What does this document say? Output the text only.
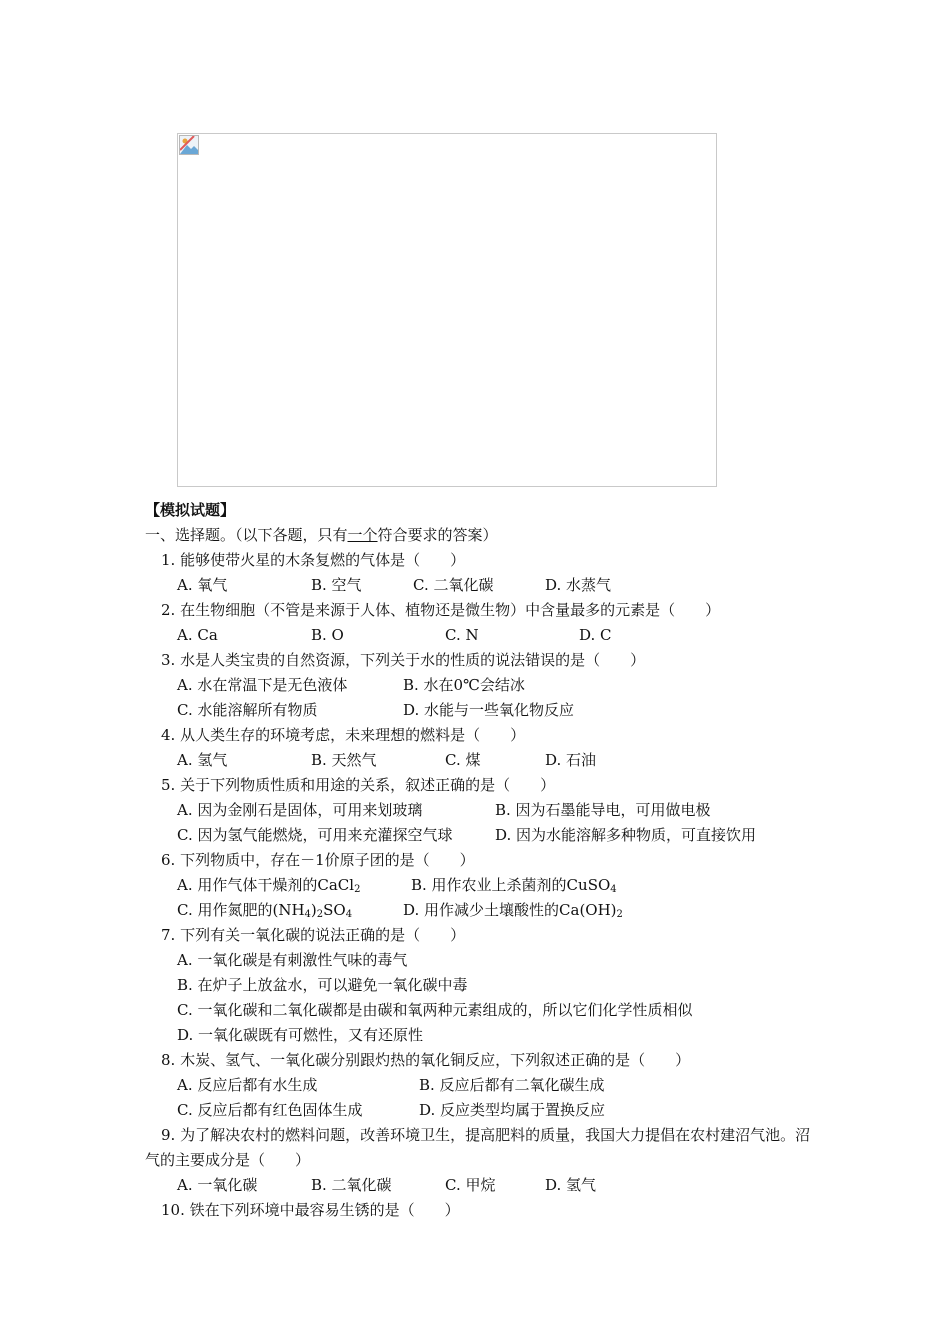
【模拟试题】
一、选择题。（以下各题，只有一个符合要求的答案）
1. 能够使带火星的木条复燃的气体是（　　）
A. 氧气	B. 空气	C. 二氧化碳	D. 水蒸气
2. 在生物细胞（不管是来源于人体、植物还是微生物）中含量最多的元素是（　　）
A. Ca	B. O	C. N	D. C
3. 水是人类宝贵的自然资源，下列关于水的性质的说法错误的是（　　）
A. 水在常温下是无色液体	B. 水在0℃会结冰
C. 水能溶解所有物质	D. 水能与一些氧化物反应
4. 从人类生存的环境考虑，未来理想的燃料是（　　）
A. 氢气	B. 天然气	C. 煤	D. 石油
5. 关于下列物质性质和用途的关系，叙述正确的是（　　）
A. 因为金刚石是固体，可用来划玻璃	B. 因为石墨能导电，可用做电极
C. 因为氢气能燃烧，可用来充灌探空气球	D. 因为水能溶解多种物质，可直接饮用
6. 下列物质中，存在－1价原子团的是（　　）
A. 用作气体干燥剂的CaCl$_2$	B. 用作农业上杀菌剂的CuSO$_4$
C. 用作氮肥的$(NH_4)_2SO_4$	D. 用作减少土壤酸性的$Ca(OH)_2$
7. 下列有关一氧化碳的说法正确的是（　　）
A. 一氧化碳是有刺激性气味的毒气
B. 在炉子上放盆水，可以避免一氧化碳中毒
C. 一氧化碳和二氧化碳都是由碳和氧两种元素组成的，所以它们化学性质相似
D. 一氧化碳既有可燃性，又有还原性
8. 木炭、氢气、一氧化碳分别跟灼热的氧化铜反应，下列叙述正确的是（　　）
A. 反应后都有水生成	B. 反应后都有二氧化碳生成
C. 反应后都有红色固体生成	D. 反应类型均属于置换反应
9. 为了解决农村的燃料问题，改善环境卫生，提高肥料的质量，我国大力提倡在农村建沼气池。沼气的主要成分是（　　）
A. 一氧化碳	B. 二氧化碳	C. 甲烷	D. 氢气
10. 铁在下列环境中最容易生锈的是（　　）
